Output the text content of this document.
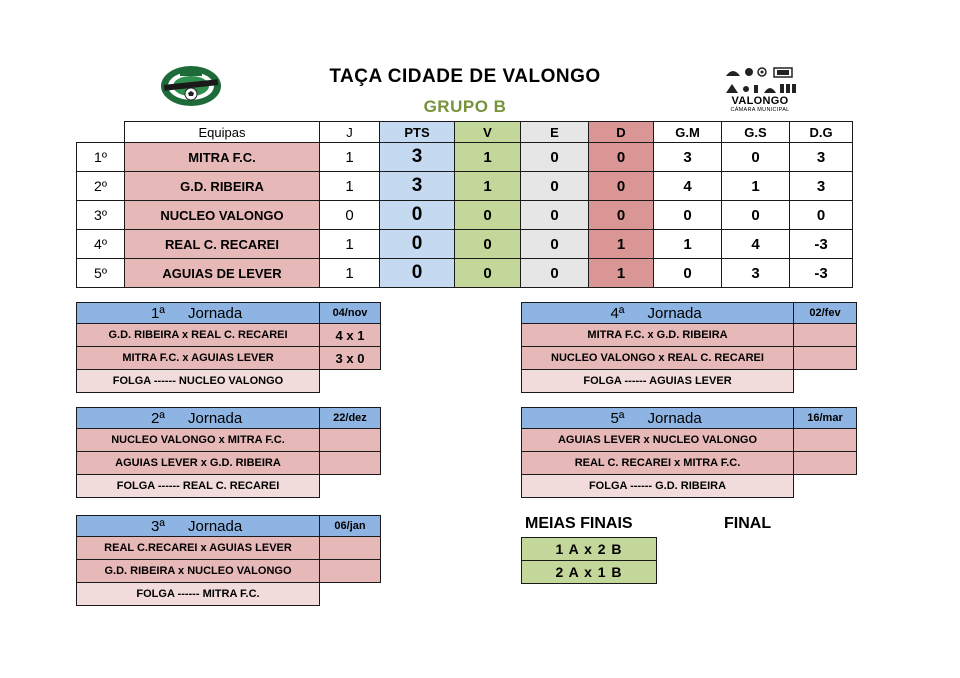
TAÇA CIDADE DE VALONGO
GRUPO B	VALONGO
CÂMARA MUNICIPAL
	Equipas	J	PTS	V	E	D	G.M	G.S	D.G
1º	MITRA F.C.	1	3	1	0	0	3	0	3
2º	G.D. RIBEIRA	1	3	1	0	0	4	1	3
3º	NUCLEO VALONGO	0	0	0	0	0	0	0	0
4º	REAL C. RECAREI	1	0	0	0	1	1	4	-3
5º	AGUIAS DE LEVER	1	0	0	0	1	0	3	-3
1ª Jornada	04/nov
G.D. RIBEIRA x REAL C. RECAREI	4 x 1
MITRA F.C. x AGUIAS LEVER	3 x 0
FOLGA ------ NUCLEO VALONGO	
2ª Jornada	22/dez
NUCLEO VALONGO x MITRA F.C.	
AGUIAS LEVER x G.D. RIBEIRA	
FOLGA ------ REAL C. RECAREI	
3ª Jornada	06/jan
REAL C.RECAREI x AGUIAS LEVER	
G.D. RIBEIRA x NUCLEO VALONGO	
FOLGA ------ MITRA F.C.	
4ª Jornada	02/fev
MITRA F.C. x G.D. RIBEIRA	
NUCLEO VALONGO x REAL C. RECAREI	
FOLGA ------ AGUIAS LEVER	
5ª Jornada	16/mar
AGUIAS LEVER x NUCLEO VALONGO	
REAL C. RECAREI x MITRA F.C.	
FOLGA ------ G.D. RIBEIRA	
MEIAS FINAIS	FINAL
1 A x 2 B
2 A x 1 B
